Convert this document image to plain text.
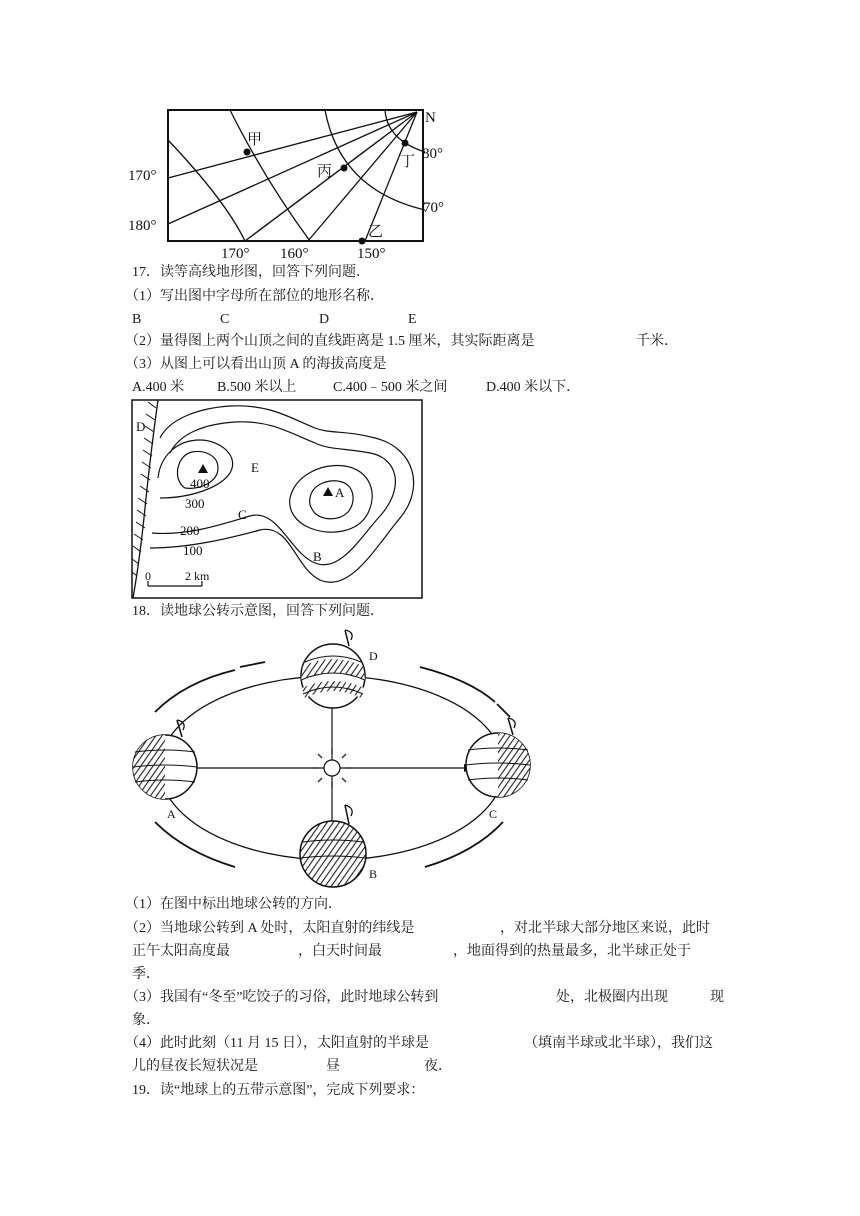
甲
丙
丁
乙
N
170°
180°
170° 160°	150°
80°
70°
17．读等高线地形图，回答下列问题．
（1）写出图中字母所在部位的地形名称．
B	C	D	E
（2）量得图上两个山顶之间的直线距离是 1.5 厘米，其实际距离是	千米．
（3）从图上可以看出山顶 A 的海拔高度是
A.400 米 B.500 米以上	C.400﹣500 米之间	D.400 米以下．
400
300
200
100
A
B
C
D
E
0	2 km
18．读地球公转示意图，回答下列问题．
A
B
C
D
（1）在图中标出地球公转的方向．
（2）当地球公转到 A 处时，太阳直射的纬线是	，对北半球大部分地区来说，此时
正午太阳高度最	，白天时间最	，地面得到的热量最多，北半球正处于
季．
（3）我国有“冬至”吃饺子的习俗，此时地球公转到	处，北极圈内出现	现
象．
（4）此时此刻（11 月 15 日），太阳直射的半球是	（填南半球或北半球），我们这
儿的昼夜长短状况是	昼	夜．
19．读“地球上的五带示意图”，完成下列要求：
